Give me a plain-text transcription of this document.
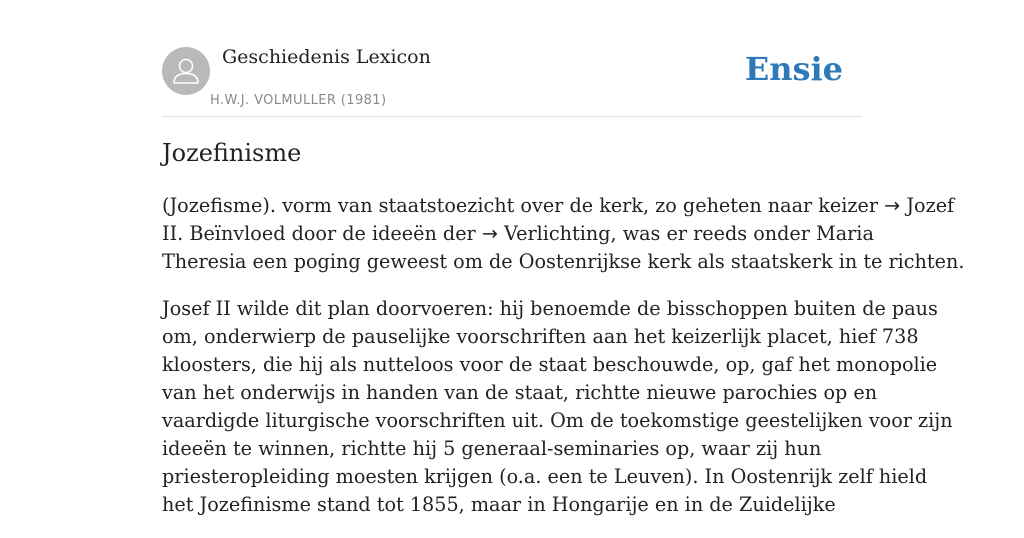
Geschiedenis Lexicon
H.W.J. VOLMULLER (1981)
Ensie
Jozefinisme

(Jozefisme). vorm van staatstoezicht over de kerk, zo geheten naar keizer → Jozef
II. Beïnvloed door de ideeën der → Verlichting, was er reeds onder Maria
Theresia een poging geweest om de Oostenrijkse kerk als staatskerk in te richten.

Josef II wilde dit plan doorvoeren: hij benoemde de bisschoppen buiten de paus
om, onderwierp de pauselijke voorschriften aan het keizerlijk placet, hief 738
kloosters, die hij als nutteloos voor de staat beschouwde, op, gaf het monopolie
van het onderwijs in handen van de staat, richtte nieuwe parochies op en
vaardigde liturgische voorschriften uit. Om de toekomstige geestelijken voor zijn
ideeën te winnen, richtte hij 5 generaal-seminaries op, waar zij hun
priesteropleiding moesten krijgen (o.a. een te Leuven). In Oostenrijk zelf hield
het Jozefinisme stand tot 1855, maar in Hongarije en in de Zuidelijke
